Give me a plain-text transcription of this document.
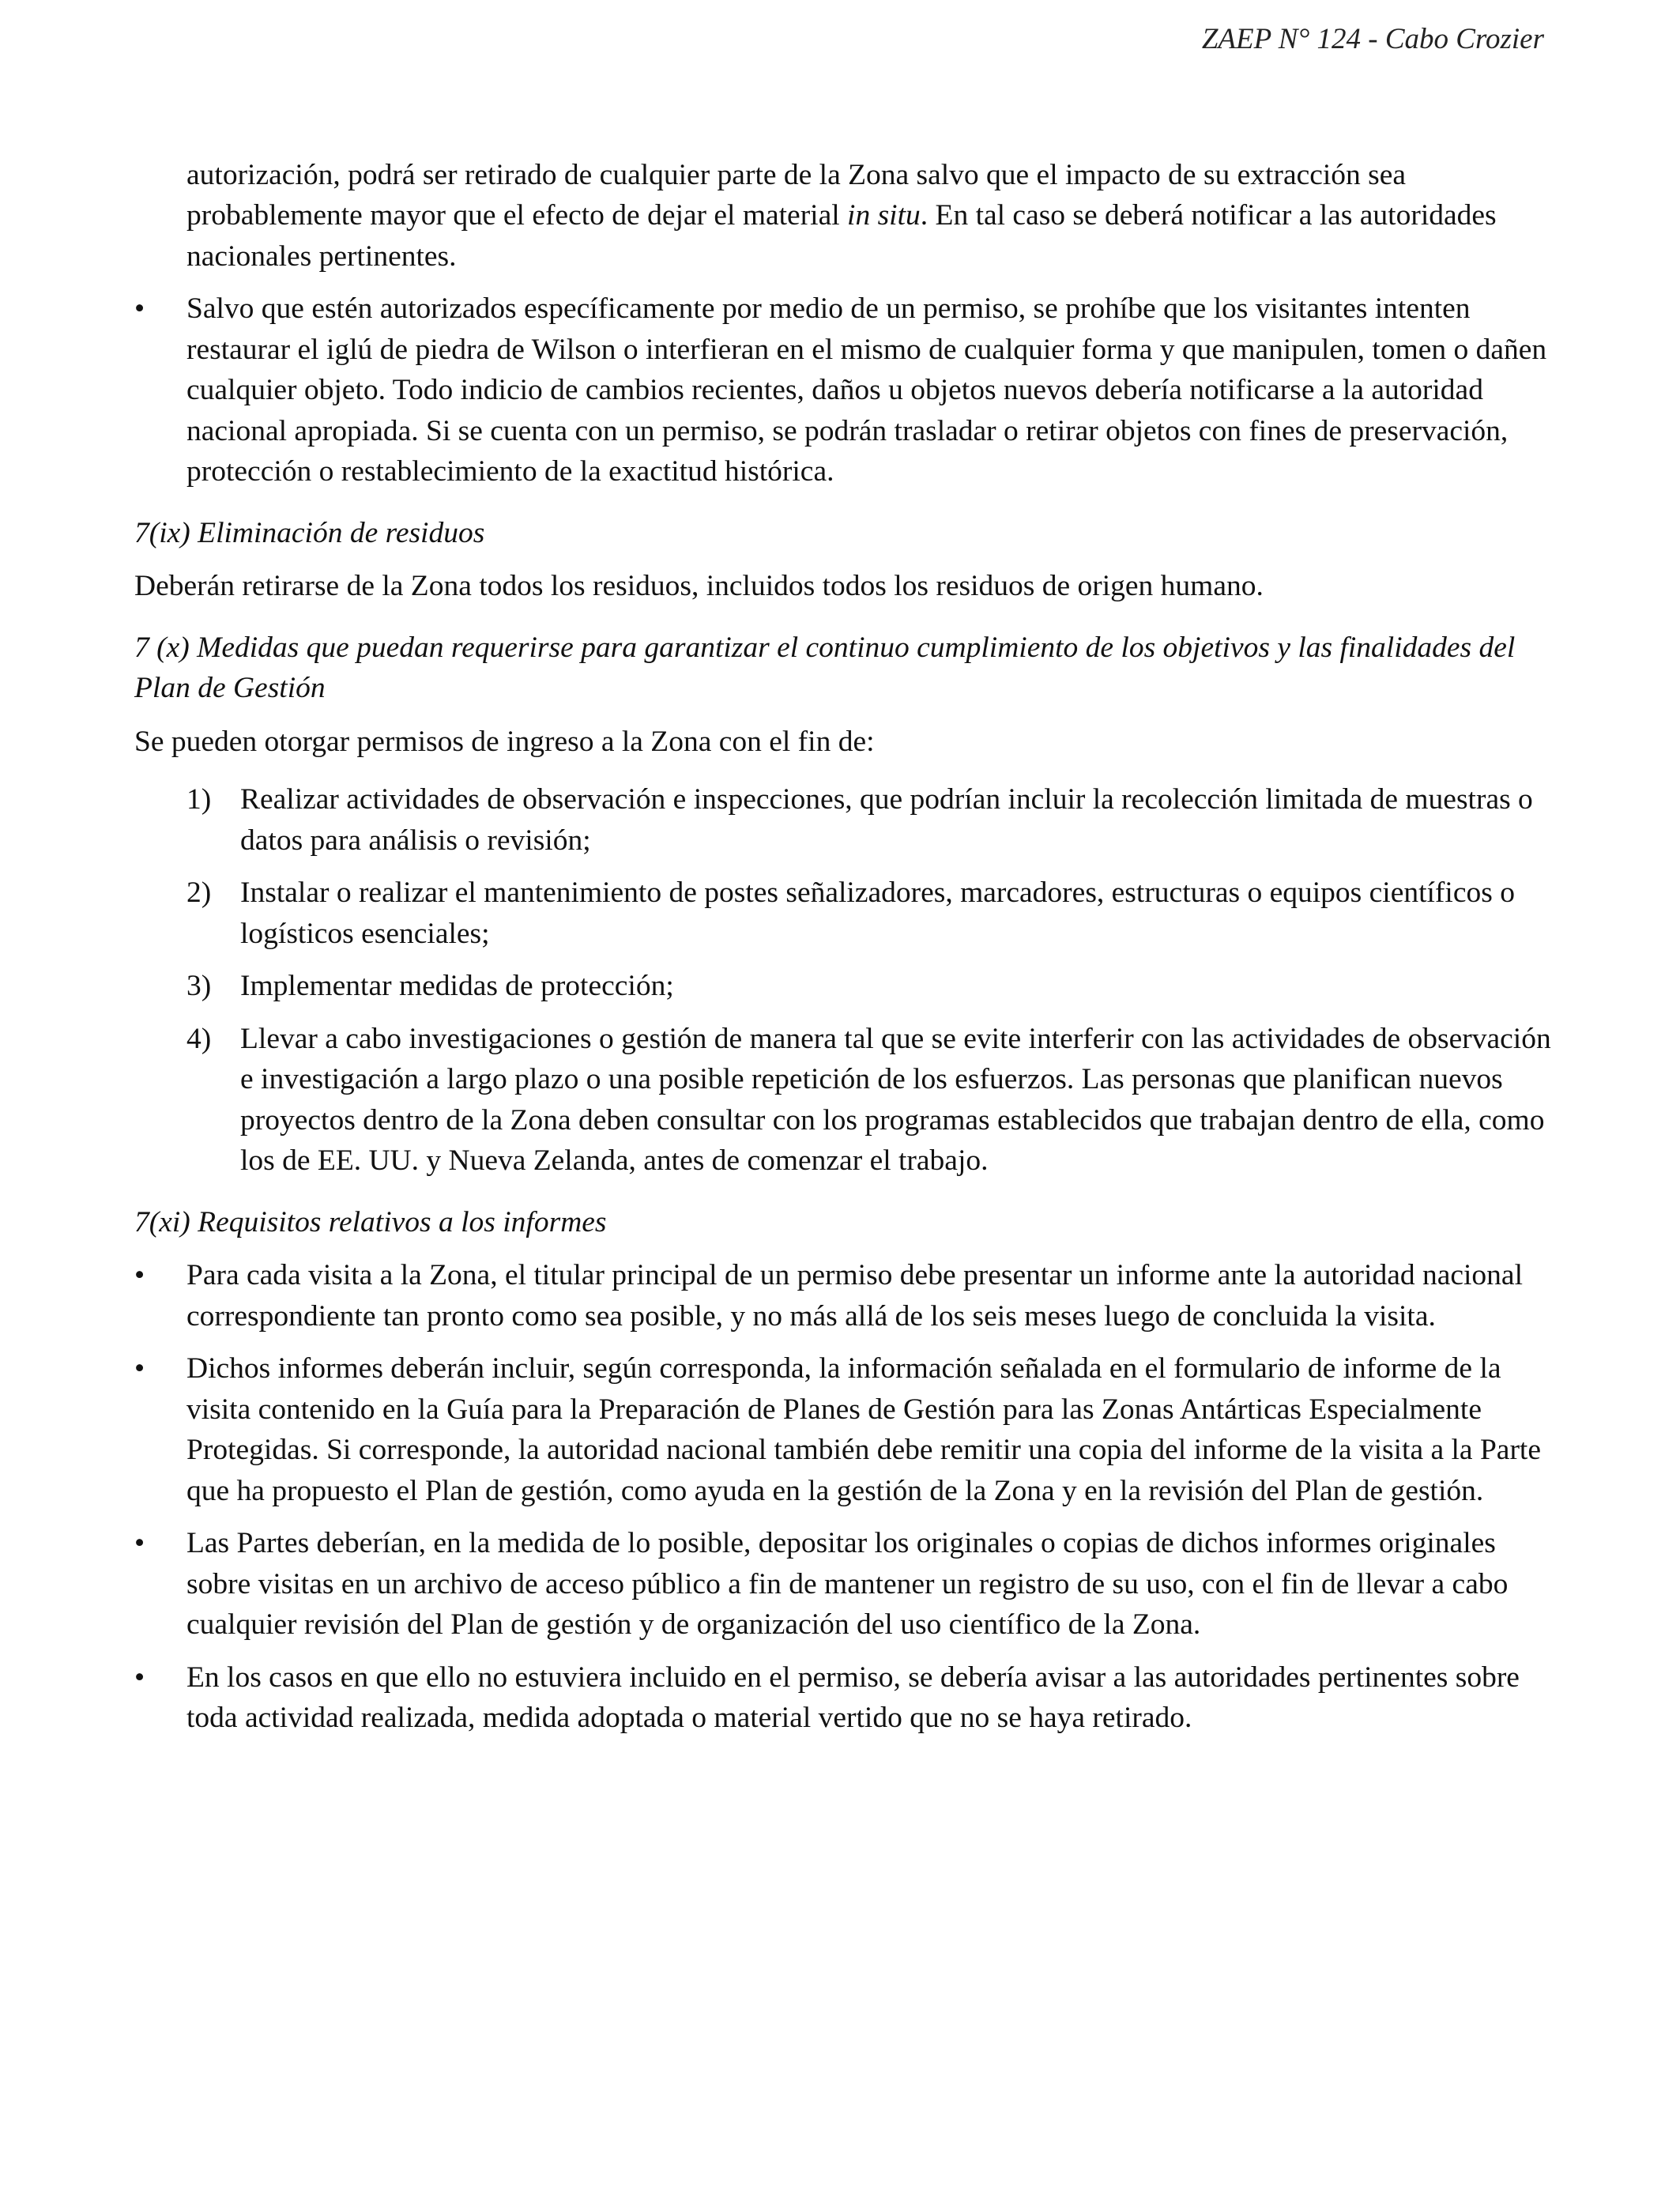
ZAEP N° 124 - Cabo Crozier

autorización, podrá ser retirado de cualquier parte de la Zona salvo que el impacto de su extracción sea probablemente mayor que el efecto de dejar el material in situ. En tal caso se deberá notificar a las autoridades nacionales pertinentes.

•	Salvo que estén autorizados específicamente por medio de un permiso, se prohíbe que los visitantes intenten restaurar el iglú de piedra de Wilson o interfieran en el mismo de cualquier forma y que manipulen, tomen o dañen cualquier objeto. Todo indicio de cambios recientes, daños u objetos nuevos debería notificarse a la autoridad nacional apropiada. Si se cuenta con un permiso, se podrán trasladar o retirar objetos con fines de preservación, protección o restablecimiento de la exactitud histórica.

7(ix) Eliminación de residuos

Deberán retirarse de la Zona todos los residuos, incluidos todos los residuos de origen humano.

7 (x) Medidas que puedan requerirse para garantizar el continuo cumplimiento de los objetivos y las finalidades del Plan de Gestión

Se pueden otorgar permisos de ingreso a la Zona con el fin de:

1) Realizar actividades de observación e inspecciones, que podrían incluir la recolección limitada de muestras o datos para análisis o revisión;
2) Instalar o realizar el mantenimiento de postes señalizadores, marcadores, estructuras o equipos científicos o logísticos esenciales;
3) Implementar medidas de protección;
4) Llevar a cabo investigaciones o gestión de manera tal que se evite interferir con las actividades de observación e investigación a largo plazo o una posible repetición de los esfuerzos. Las personas que planifican nuevos proyectos dentro de la Zona deben consultar con los programas establecidos que trabajan dentro de ella, como los de EE. UU. y Nueva Zelanda, antes de comenzar el trabajo.

7(xi) Requisitos relativos a los informes

•	Para cada visita a la Zona, el titular principal de un permiso debe presentar un informe ante la autoridad nacional correspondiente tan pronto como sea posible, y no más allá de los seis meses luego de concluida la visita.
•	Dichos informes deberán incluir, según corresponda, la información señalada en el formulario de informe de la visita contenido en la Guía para la Preparación de Planes de Gestión para las Zonas Antárticas Especialmente Protegidas. Si corresponde, la autoridad nacional también debe remitir una copia del informe de la visita a la Parte que ha propuesto el Plan de gestión, como ayuda en la gestión de la Zona y en la revisión del Plan de gestión.
•	Las Partes deberían, en la medida de lo posible, depositar los originales o copias de dichos informes originales sobre visitas en un archivo de acceso público a fin de mantener un registro de su uso, con el fin de llevar a cabo cualquier revisión del Plan de gestión y de organización del uso científico de la Zona.
•	En los casos en que ello no estuviera incluido en el permiso, se debería avisar a las autoridades pertinentes sobre toda actividad realizada, medida adoptada o material vertido que no se haya retirado.
